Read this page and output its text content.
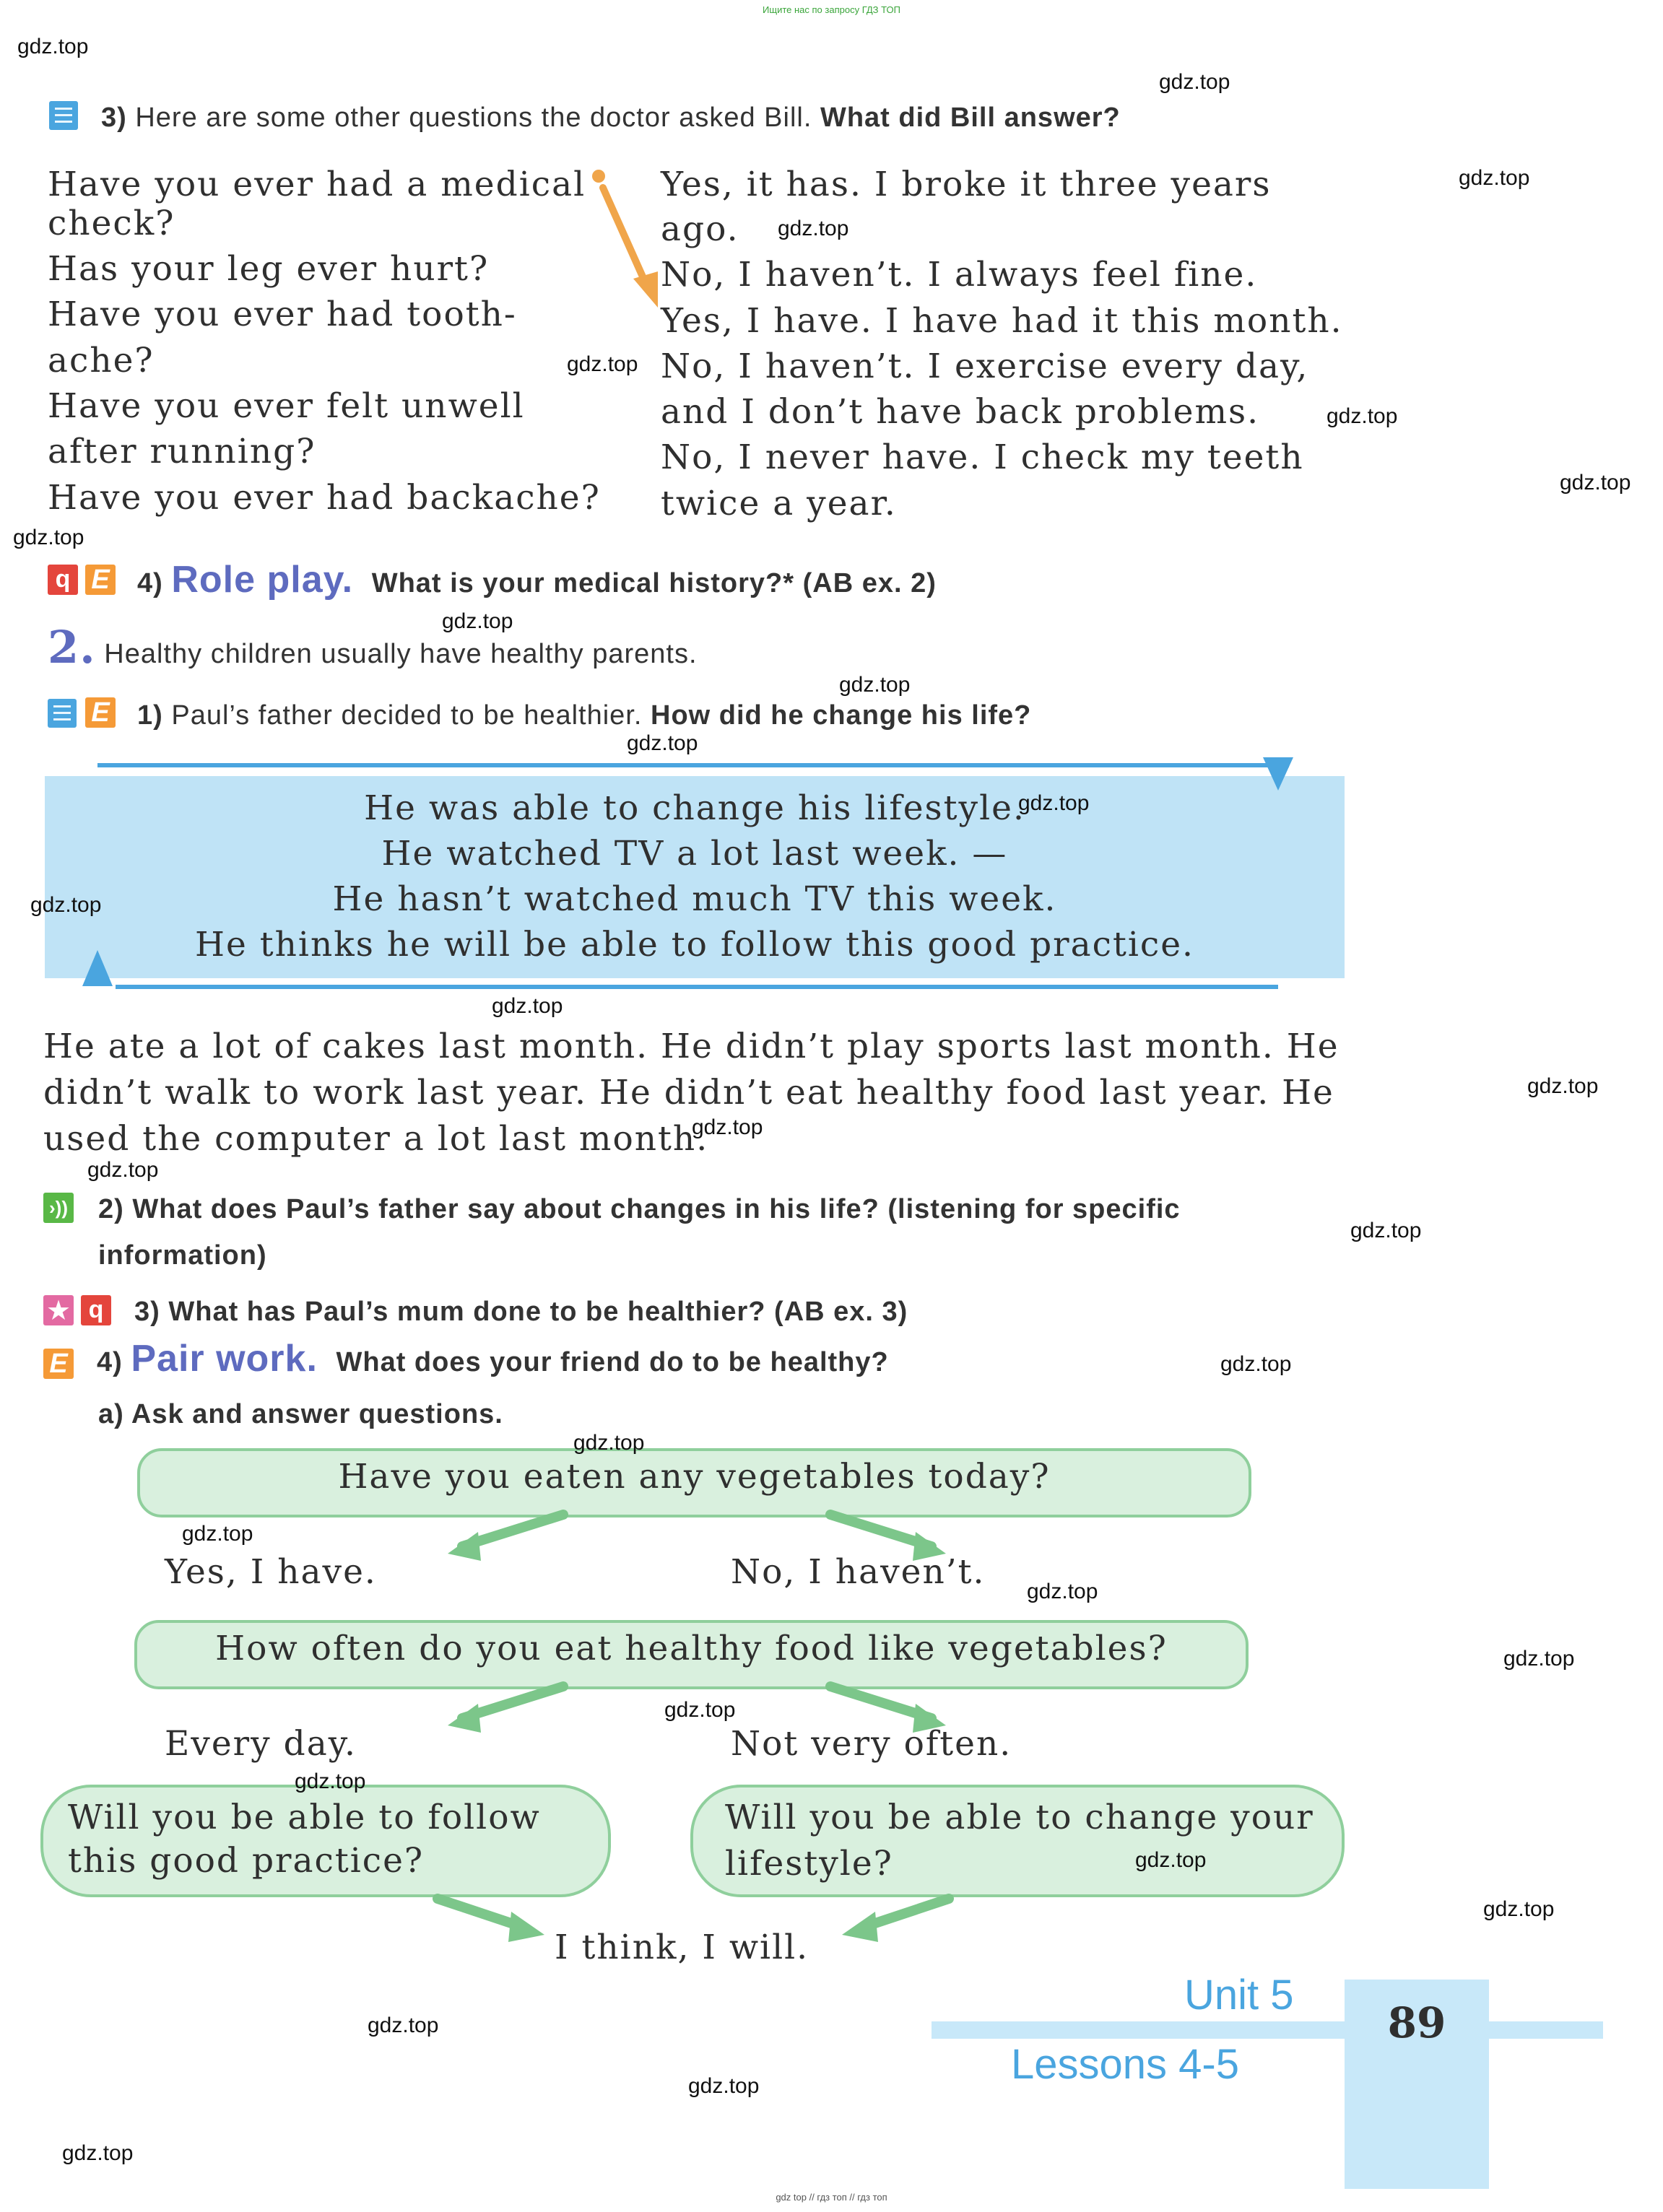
Ищите нас по запросу ГДЗ ТОП
gdz top // гдз топ // гдз топ
3) Here are some other questions the doctor asked Bill. What did Bill answer?
Have you ever had a medical
check?
Has your leg ever hurt?
Have you ever had tooth-
ache?
Have you ever felt unwell
after running?
Have you ever had backache?
Yes, it has. I broke it three years
ago.
No, I haven’t. I always feel fine.
Yes, I have. I have had it this month.
No, I haven’t. I exercise every day,
and I don’t have back problems.
No, I never have. I check my teeth
twice a year.
q E 4) Role play. What is your medical history?* (AB ex. 2)
2. Healthy children usually have healthy parents.
E 1) Paul’s father decided to be healthier. How did he change his life?
He was able to change his lifestyle.
He watched TV a lot last week. —
He hasn’t watched much TV this week.
He thinks he will be able to follow this good practice.
He ate a lot of cakes last month. He didn’t play sports last month. He
didn’t walk to work last year. He didn’t eat healthy food last year. He
used the computer a lot last month.
›)) 2) What does Paul’s father say about changes in his life? (listening for specific
information)
★ q 3) What has Paul’s mum done to be healthier? (AB ex. 3)
E 4) Pair work. What does your friend do to be healthy?
a) Ask and answer questions.
Have you eaten any vegetables today?
Yes, I have.	No, I haven’t.
How often do you eat healthy food like vegetables?
Every day.	Not very often.
Will you be able to follow
this good practice?
Will you be able to change your
lifestyle?
I think, I will.
Unit 5
Lessons 4-5
89
gdz.top
gdz.top
gdz.top
gdz.top
gdz.top
gdz.top
gdz.top
gdz.top
gdz.top
gdz.top
gdz.top
gdz.top
gdz.top
gdz.top
gdz.top
gdz.top
gdz.top
gdz.top
gdz.top
gdz.top
gdz.top
gdz.top
gdz.top
gdz.top
gdz.top
gdz.top
gdz.top
gdz.top
gdz.top
gdz.top
